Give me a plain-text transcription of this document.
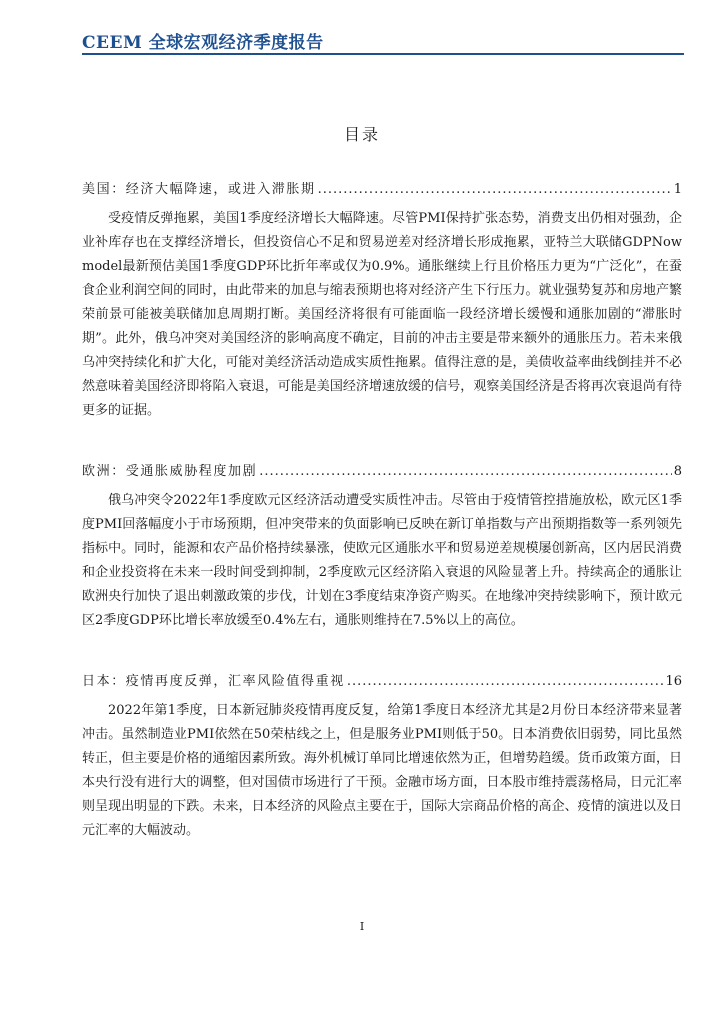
CEEM 全球宏观经济季度报告
目录
美国：经济大幅降速，或进入滞胀期 .....	1

受疫情反弹拖累，美国1季度经济增长大幅降速。尽管PMI保持扩张态势，消费支出仍相对强劲，企业补库存也在支撑经济增长，但投资信心不足和贸易逆差对经济增长形成拖累，亚特兰大联储GDPNow model最新预估美国1季度GDP环比折年率或仅为0.9%。通胀继续上行且价格压力更为“广泛化”，在蚕食企业利润空间的同时，由此带来的加息与缩表预期也将对经济产生下行压力。就业强势复苏和房地产繁荣前景可能被美联储加息周期打断。美国经济将很有可能面临一段经济增长缓慢和通胀加剧的“滞胀时期”。此外，俄乌冲突对美国经济的影响高度不确定，目前的冲击主要是带来额外的通胀压力。若未来俄乌冲突持续化和扩大化，可能对美经济活动造成实质性拖累。值得注意的是，美债收益率曲线倒挂并不必然意味着美国经济即将陷入衰退，可能是美国经济增速放缓的信号，观察美国经济是否将再次衰退尚有待更多的证据。

欧洲：受通胀威胁程度加剧 .....	8

俄乌冲突令2022年1季度欧元区经济活动遭受实质性冲击。尽管由于疫情管控措施放松，欧元区1季度PMI回落幅度小于市场预期，但冲突带来的负面影响已反映在新订单指数与产出预期指数等一系列领先指标中。同时，能源和农产品价格持续暴涨，使欧元区通胀水平和贸易逆差规模屡创新高，区内居民消费和企业投资将在未来一段时间受到抑制，2季度欧元区经济陷入衰退的风险显著上升。持续高企的通胀让欧洲央行加快了退出刺激政策的步伐，计划在3季度结束净资产购买。在地缘冲突持续影响下，预计欧元区2季度GDP环比增长率放缓至0.4%左右，通胀则维持在7.5%以上的高位。

日本：疫情再度反弹，汇率风险值得重视 .....	16

2022年第1季度，日本新冠肺炎疫情再度反复，给第1季度日本经济尤其是2月份日本经济带来显著冲击。虽然制造业PMI依然在50荣枯线之上，但是服务业PMI则低于50。日本消费依旧弱势，同比虽然转正，但主要是价格的通缩因素所致。海外机械订单同比增速依然为正，但增势趋缓。货币政策方面，日本央行没有进行大的调整，但对国债市场进行了干预。金融市场方面，日本股市维持震荡格局，日元汇率则呈现出明显的下跌。未来，日本经济的风险点主要在于，国际大宗商品价格的高企、疫情的演进以及日元汇率的大幅波动。

I
